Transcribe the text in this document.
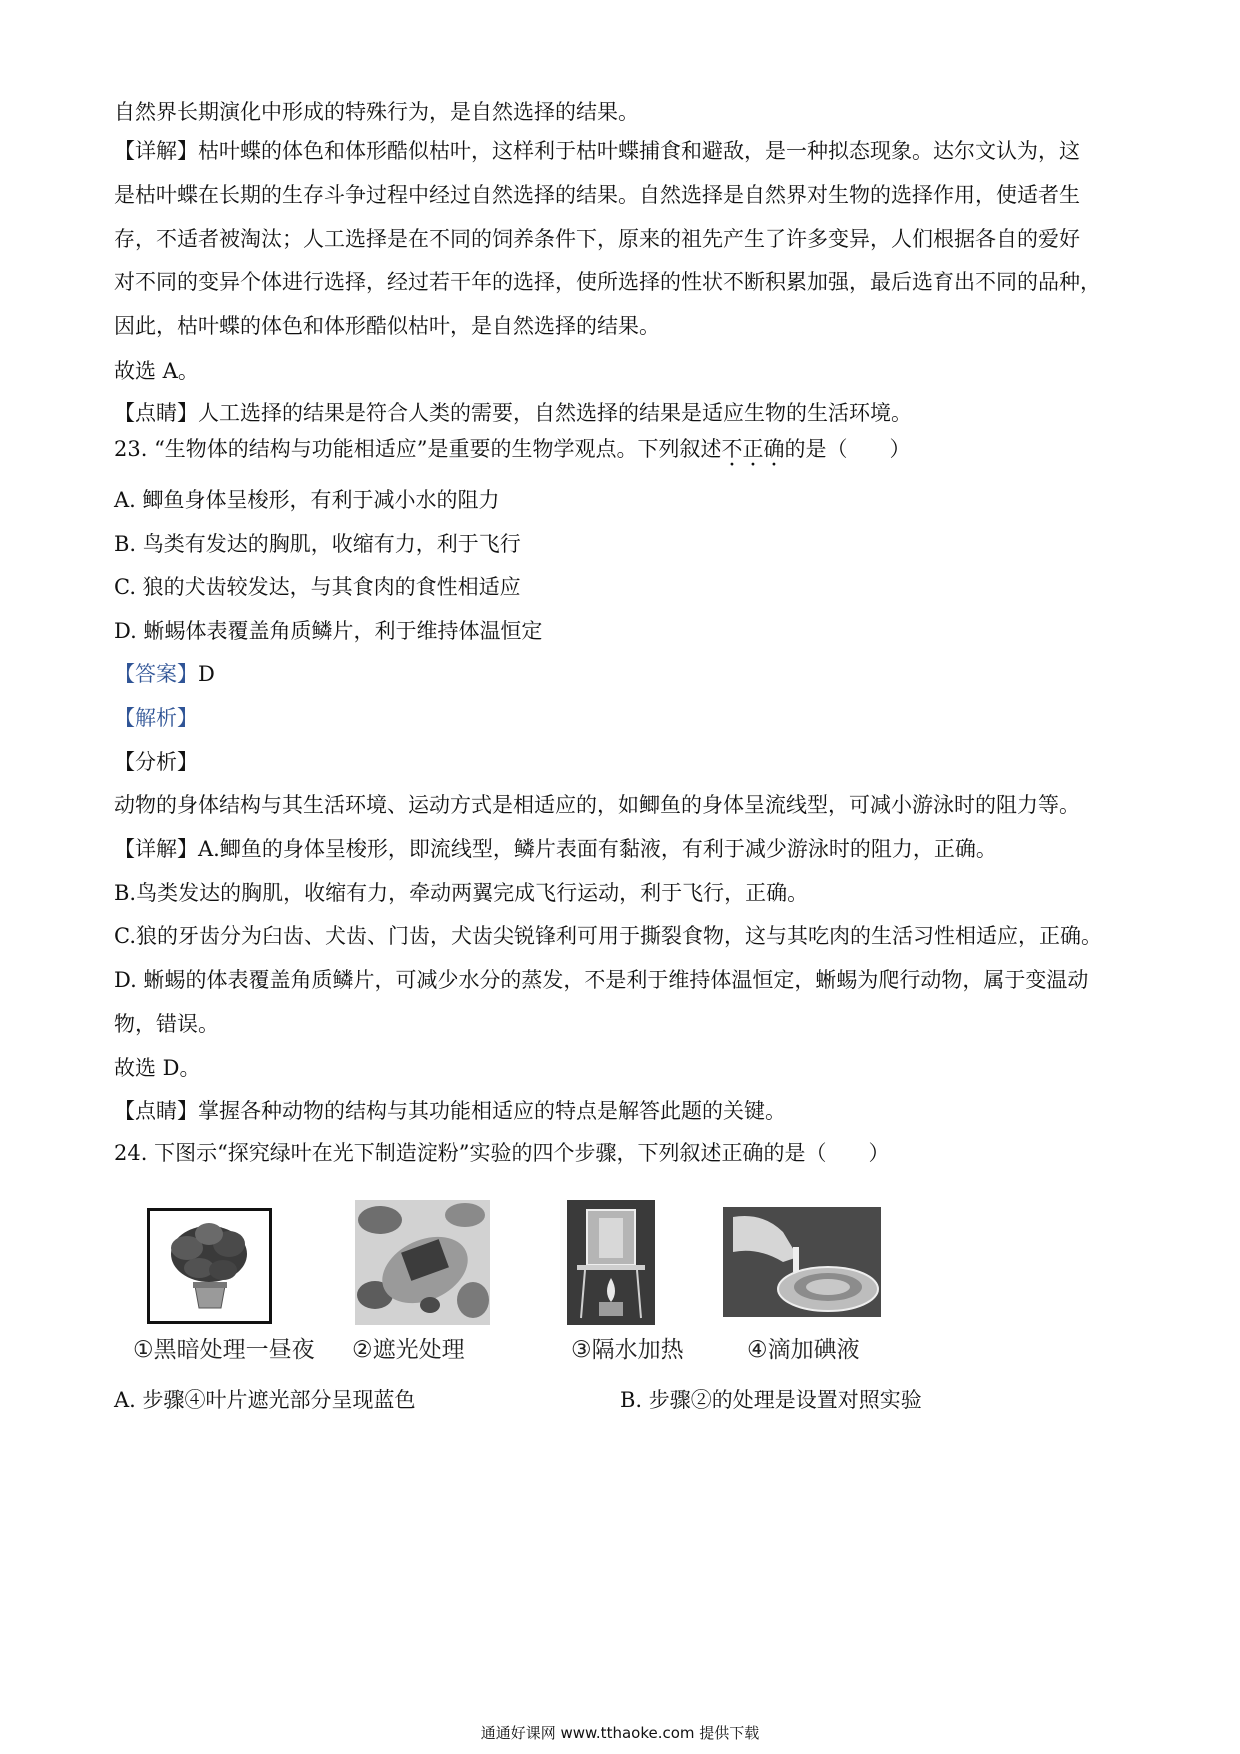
自然界长期演化中形成的特殊行为，是自然选择的结果。
【详解】枯叶蝶的体色和体形酷似枯叶，这样利于枯叶蝶捕食和避敌，是一种拟态现象。达尔文认为，这
是枯叶蝶在长期的生存斗争过程中经过自然选择的结果。自然选择是自然界对生物的选择作用，使适者生
存，不适者被淘汰；人工选择是在不同的饲养条件下，原来的祖先产生了许多变异，人们根据各自的爱好
对不同的变异个体进行选择，经过若干年的选择，使所选择的性状不断积累加强，最后选育出不同的品种，
因此，枯叶蝶的体色和体形酷似枯叶，是自然选择的结果。
故选 A。
【点睛】人工选择的结果是符合人类的需要，自然选择的结果是适应生物的生活环境。
23. “生物体的结构与功能相适应”是重要的生物学观点。下列叙述不正确的是（　　）
A. 鲫鱼身体呈梭形，有利于减小水的阻力
B. 鸟类有发达的胸肌，收缩有力，利于飞行
C. 狼的犬齿较发达，与其食肉的食性相适应
D. 蜥蜴体表覆盖角质鳞片，利于维持体温恒定
【答案】D
【解析】
【分析】
动物的身体结构与其生活环境、运动方式是相适应的，如鲫鱼的身体呈流线型，可减小游泳时的阻力等。
【详解】A.鲫鱼的身体呈梭形，即流线型，鳞片表面有黏液，有利于减少游泳时的阻力，正确。
B.鸟类发达的胸肌，收缩有力，牵动两翼完成飞行运动，利于飞行，正确。
C.狼的牙齿分为臼齿、犬齿、门齿，犬齿尖锐锋利可用于撕裂食物，这与其吃肉的生活习性相适应，正确。
D. 蜥蜴的体表覆盖角质鳞片，可减少水分的蒸发，不是利于维持体温恒定，蜥蜴为爬行动物，属于变温动
物，错误。
故选 D。
【点睛】掌握各种动物的结构与其功能相适应的特点是解答此题的关键。
24. 下图示“探究绿叶在光下制造淀粉”实验的四个步骤，下列叙述正确的是（　　）
①黑暗处理一昼夜 ②遮光处理	③隔水加热	④滴加碘液
A. 步骤④叶片遮光部分呈现蓝色	B. 步骤②的处理是设置对照实验
通通好课网 www.tthaoke.com 提供下载
